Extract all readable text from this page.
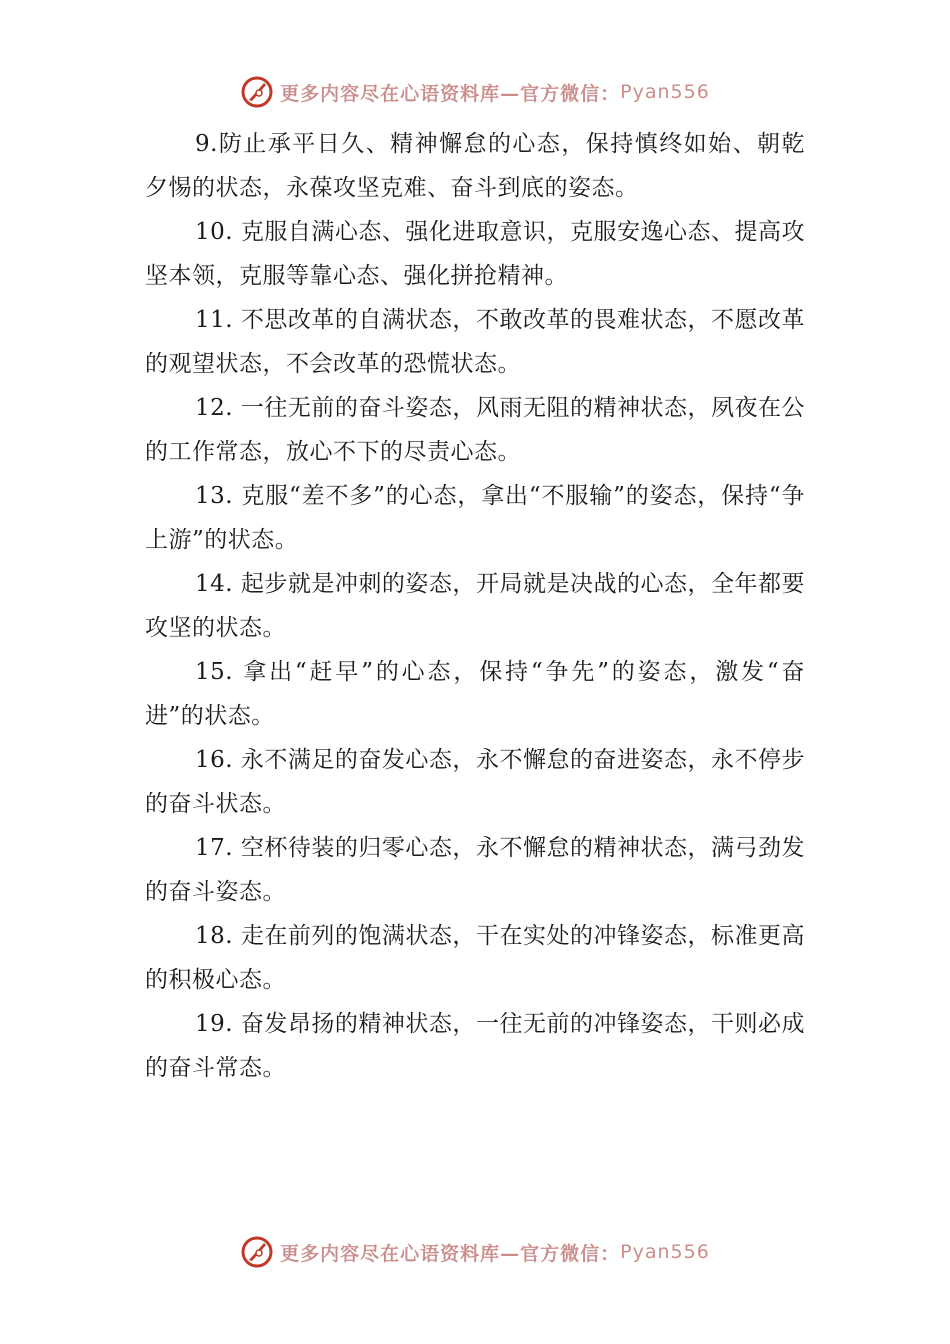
更多内容尽在心语资料库—官方微信： Pyan556

9.防止承平日久、精神懈怠的心态，保持慎终如始、朝乾夕惕的状态，永葆攻坚克难、奋斗到底的姿态。

10. 克服自满心态、强化进取意识，克服安逸心态、提高攻坚本领，克服等靠心态、强化拼抢精神。

11. 不思改革的自满状态，不敢改革的畏难状态，不愿改革的观望状态，不会改革的恐慌状态。

12. 一往无前的奋斗姿态，风雨无阻的精神状态，夙夜在公的工作常态，放心不下的尽责心态。

13. 克服“差不多”的心态，拿出“不服输”的姿态，保持“争上游”的状态。

14. 起步就是冲刺的姿态，开局就是决战的心态，全年都要攻坚的状态。

15. 拿出“赶早”的心态，保持“争先”的姿态，激发“奋进”的状态。

16. 永不满足的奋发心态，永不懈怠的奋进姿态，永不停步的奋斗状态。

17. 空杯待装的归零心态，永不懈怠的精神状态，满弓劲发的奋斗姿态。

18. 走在前列的饱满状态，干在实处的冲锋姿态，标准更高的积极心态。

19. 奋发昂扬的精神状态，一往无前的冲锋姿态，干则必成的奋斗常态。

更多内容尽在心语资料库—官方微信： Pyan556
